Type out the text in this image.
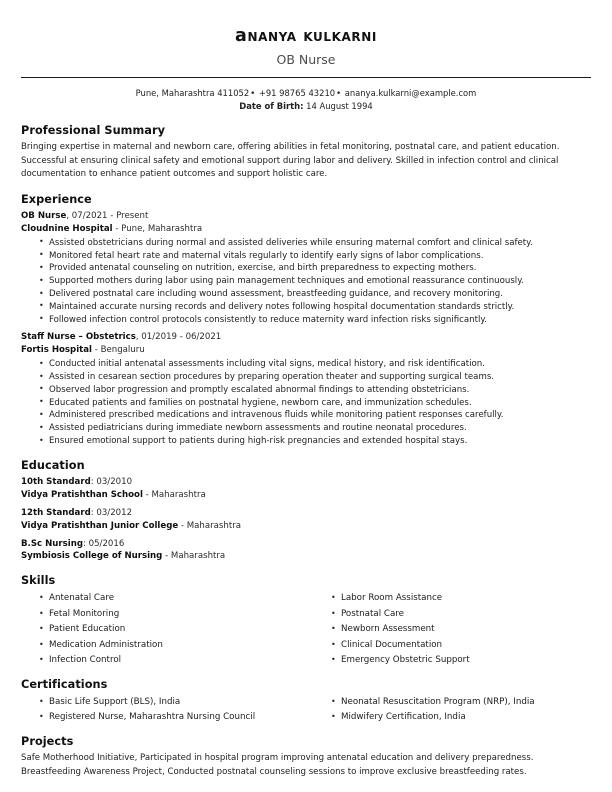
ananya kulkarni
OB Nurse
Pune, Maharashtra 411052• +91 98765 43210• ananya.kulkarni@example.com
Date of Birth: 14 August 1994
Professional Summary

Bringing expertise in maternal and newborn care, offering abilities in fetal monitoring, postnatal care, and patient education. Successful at ensuring clinical safety and emotional support during labor and delivery. Skilled in infection control and clinical documentation to enhance patient outcomes and support holistic care.

Experience
OB Nurse, 07/2021 - Present
Cloudnine Hospital - Pune, Maharashtra
• Assisted obstetricians during normal and assisted deliveries while ensuring maternal comfort and clinical safety.
• Monitored fetal heart rate and maternal vitals regularly to identify early signs of labor complications.
• Provided antenatal counseling on nutrition, exercise, and birth preparedness to expecting mothers.
• Supported mothers during labor using pain management techniques and emotional reassurance continuously.
• Delivered postnatal care including wound assessment, breastfeeding guidance, and recovery monitoring.
• Maintained accurate nursing records and delivery notes following hospital documentation standards strictly.
• Followed infection control protocols consistently to reduce maternity ward infection risks significantly.
Staff Nurse – Obstetrics, 01/2019 - 06/2021
Fortis Hospital - Bengaluru
• Conducted initial antenatal assessments including vital signs, medical history, and risk identification.
• Assisted in cesarean section procedures by preparing operation theater and supporting surgical teams.
• Observed labor progression and promptly escalated abnormal findings to attending obstetricians.
• Educated patients and families on postnatal hygiene, newborn care, and immunization schedules.
• Administered prescribed medications and intravenous fluids while monitoring patient responses carefully.
• Assisted pediatricians during immediate newborn assessments and routine neonatal procedures.
• Ensured emotional support to patients during high-risk pregnancies and extended hospital stays.
Education
10th Standard: 03/2010
Vidya Pratishthan School - Maharashtra
12th Standard: 03/2012
Vidya Pratishthan Junior College - Maharashtra
B.Sc Nursing: 05/2016
Symbiosis College of Nursing - Maharashtra
Skills
• Antenatal Care
• Fetal Monitoring
• Patient Education
• Medication Administration
• Infection Control
• Labor Room Assistance
• Postnatal Care
• Newborn Assessment
• Clinical Documentation
• Emergency Obstetric Support
Certifications
• Basic Life Support (BLS), India
• Registered Nurse, Maharashtra Nursing Council
• Neonatal Resuscitation Program (NRP), India
• Midwifery Certification, India
Projects

Safe Motherhood Initiative, Participated in hospital program improving antenatal education and delivery preparedness.

Breastfeeding Awareness Project, Conducted postnatal counseling sessions to improve exclusive breastfeeding rates.
